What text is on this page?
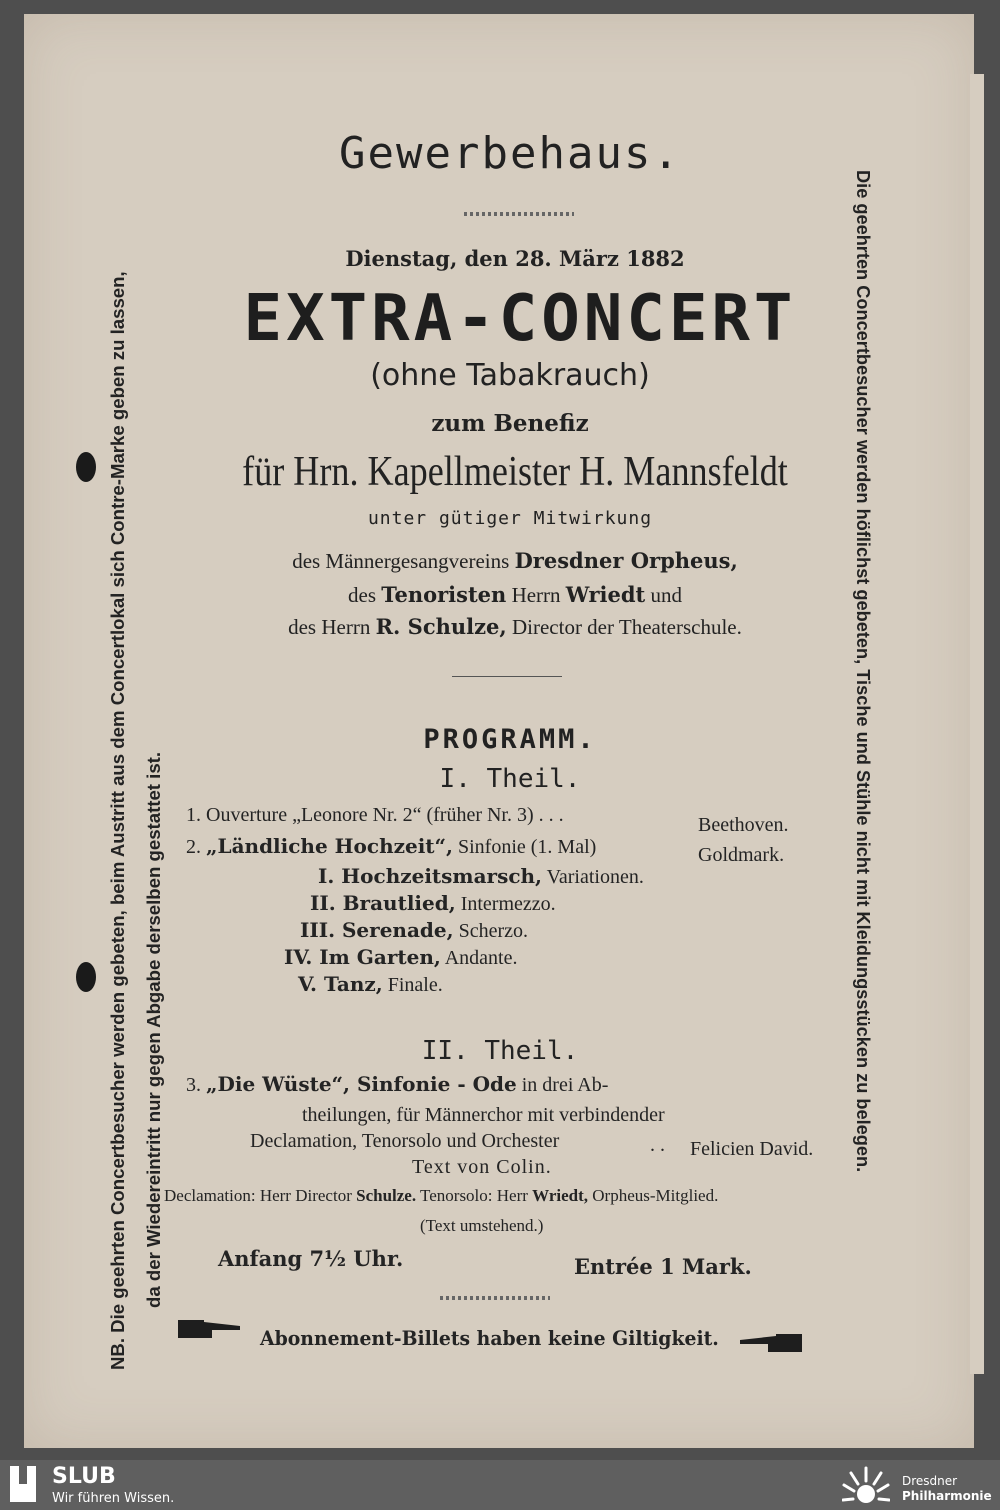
Gewerbehaus.
Dienstag, den 28. März 1882
EXTRA-CONCERT
(ohne Tabakrauch)
zum Benefiz
für Hrn. Kapellmeister H. Mannsfeldt
unter gütiger Mitwirkung
des Männergesangvereins Dresdner Orpheus,
des Tenoristen Herrn Wriedt und
des Herrn R. Schulze, Director der Theaterschule.
PROGRAMM.
I. Theil.
1. Ouverture „Leonore Nr. 2“ (früher Nr. 3) . . .	Beethoven.
2. „Ländliche Hochzeit“, Sinfonie (1. Mal)	Goldmark.
I. Hochzeitsmarsch, Variationen.
II. Brautlied, Intermezzo.
III. Serenade, Scherzo.
IV. Im Garten, Andante.
V. Tanz, Finale.
II. Theil.
3. „Die Wüste“, Sinfonie - Ode in drei Ab-
theilungen, für Männerchor mit verbindender
Declamation, Tenorsolo und Orchester	. . Felicien David.
Text von Colin.
Declamation: Herr Director Schulze. Tenorsolo: Herr Wriedt, Orpheus-Mitglied.
(Text umstehend.)
Anfang 7½ Uhr.	Entrée 1 Mark.
Abonnement-Billets haben keine Giltigkeit.
NB. Die geehrten Concertbesucher werden gebeten, beim Austritt aus dem Concertlokal sich Contre-Marke geben zu lassen, da der Wiedereintritt nur gegen Abgabe derselben gestattet ist.	Die geehrten Concertbesucher werden höflichst gebeten, Tische und Stühle nicht mit Kleidungsstücken zu belegen.
SLUB
Wir führen Wissen.
Dresdner
Philharmonie
